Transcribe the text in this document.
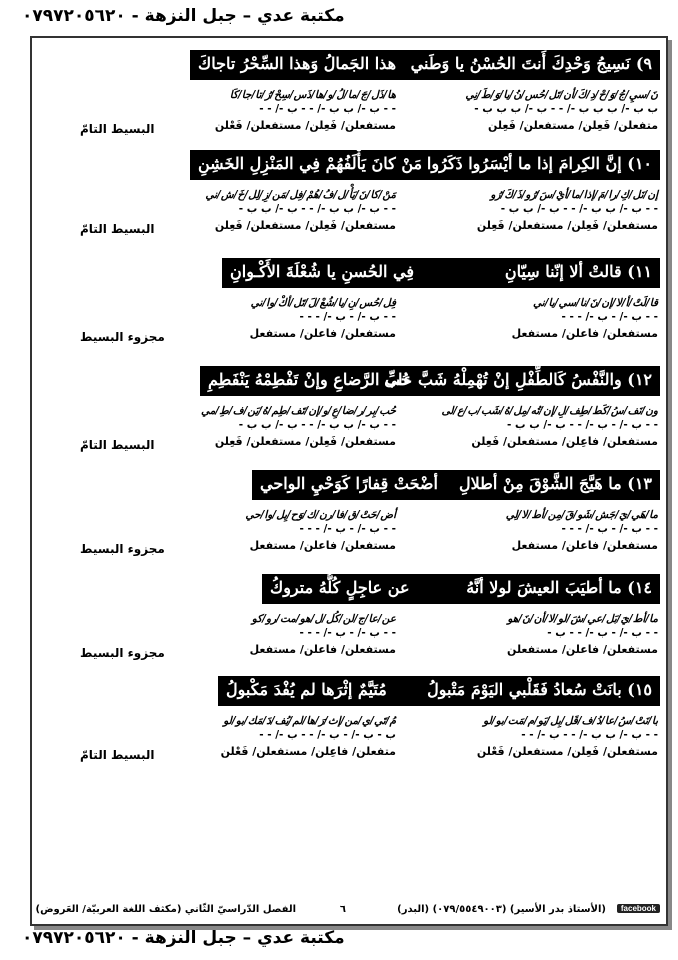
مكتبة عدي – جبل النزهة - ٠٧٩٧٢٠٥٦٢٠
٩) نَسِيجُ وَحْدِكَ أَنتَ الحُسْنُ يا وَطَني
هذا الجَمالُ وَهذا السِّحْرُ تاجاكَ
نَ/سيِ/جُ/وَ/حْ/دِ/كَ/أن/تَل/حُس/نُ/يا/وَ/طَ/نِي
ب ب -/ ب ب ب -/ - - ب -/ ب ب ب -
متفعلن/ فَعِلن/ مستفعلن/ فَعِلن
ها/ذَل/جَ/ما/لُ/و/ها/ذَس/سِحْ/رُ/تا/جا/كَا
- - ب -/ ب ب -/ - - ب -/ - -
مستفعلن/ فَعِلن/ مستفعلن/ فَعْلن
البسيط التامّ
١٠) إنَّ الكِرامَ إذا ما أيْسَرُوا ذَكَرُوا
مَنْ كانَ يَأْلَفُهُمْ فِي المَنْزِلِ الخَشِنِ
إن/نَل/كِ/را/مَ/إذا/ما/أيْ/سَ/رُو/ذَ/كَ/رُو
- - ب -/ ب ب -/ - - ب -/ ب ب -
مستفعلن/ فَعِلن/ مستفعلن/ فَعِلن
مَنْ/كا/نَ/يَأْ/ل/فُ/هُمْ/فِل/مَن/زِ/لِل/خَ/ش/ني
- - ب -/ ب ب -/ - - ب -/ ب ب -
مستفعلن/ فَعِلن/ مستفعلن/ فَعِلن
البسيط التامّ
١١) قالتْ ألا إنّنا سِيّانِ
فِي الحُسنِ يا شُعْلَةَ الأَكْـوانِ
قا/لَتْ/أ/لا/إن/نَ/نا/سي/يا/ني
- - ب -/ - ب -/ - - -
مستفعلن/ فاعلن/ مستفعل
فِل/حُس/نِ/يا/شُعْ/لَ/تَل/أكْ/وا/ني
- - ب -/ - ب -/ - - -
مستفعلن/ فاعلن/ مستفعل
مجزوء البسيط
١٢) والنَّفْسُ كَالطِّفْلِ إنْ تُهْمِلْهُ شَبَّ على
حُبِّ الرَّضاعِ وإنْ تَفْطِمْهُ يَنْفَطِمِ
ون/نَف/سُ/كَط/طِف/لِ/إن/تُه/مِل/هُ/شَب/ب/ع/لى
- - ب -/ - ب -/ - - ب -/ ب ب -
مستفعلن/ فاعِلن/ مستفعلن/ فَعِلن
حُب/بِر/ر/ضا/عِ/و/إن/تَف/طِم/هُ/يَن/ف/طِ/مي
- - ب -/ ب ب -/ - - ب -/ ب ب -
مستفعلن/ فَعِلن/ مستفعلن/ فَعِلن
البسيط التامّ
١٣) ما هَيَّجَ الشَّوْقَ مِنْ أطلالِ
أضْحَتْ قِفارًا كَوَحْيِ الواحي
ما/هَي/يَ/جَش/شَو/قَ/مِن/أط/لا/لِي
- - ب -/ - ب -/ - - -
مستفعلن/ فاعلن/ مستفعل
أض/حَتْ/ق/فا/رن/ك/وَح/يِل/وا/حي
- - ب -/ - ب -/ - - -
مستفعلن/ فاعلن/ مستفعل
مجزوء البسيط
١٤) ما أطيَبَ العيشَ لولا أنَّهُ
عن عاجِلٍ كُلُّهُ متروكُ
ما/أط/يَ/بَل/عي/شَ/لو/لا/أن/نَ/هو
- - ب -/ - ب -/ - - ب -
مستفعلن/ فاعلن/ مستفعلن
عن/عا/ج/لن/كُل/ل/هو/مت/رو/كو
- - ب -/ - ب -/ - - -
مستفعلن/ فاعلن/ مستفعل
مجزوء البسيط
١٥) بانَتْ سُعادُ فَقَلْبي اليَوْمَ مَتْبولُ
مُتَيَّمٌ إثْرَها لم يُفْدَ مَكْبولُ
با/نَتْ/سُ/عا/دُ/ف/قَل/بِل/يَو/م/مَت/بو/لو
- - ب -/ ب ب -/ - - ب -/ - -
مستفعلن/ فَعِلن/ مستفعلن/ فَعْلن
مُ/تَي/ي/من/إث/رَ/ها/لم/يُف/دَ/مَك/بو/لو
ب - ب -/ - ب -/ - - ب -/ - -
متفعلن/ فاعِلن/ مستفعلن/ فَعْلن
البسيط التامّ
facebook
(الأستاذ بدر الأسير) (٠٧٩/٥٥٤٩٠٠٣) (البدر)
٦
الفصل الدّراسيّ الثّاني (مكثف اللغة العربيّة/ العَروض)
مكتبة عدي – جبل النزهة - ٠٧٩٧٢٠٥٦٢٠
